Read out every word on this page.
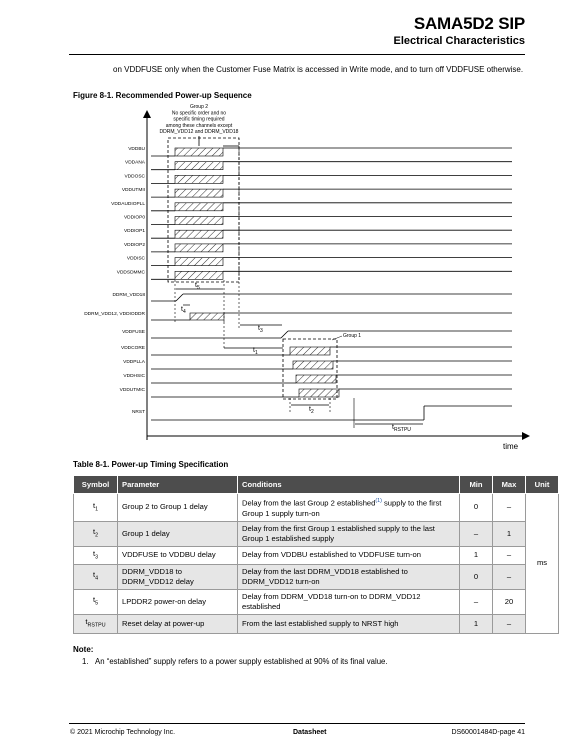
SAMA5D2 SIP
Electrical Characteristics
on VDDFUSE only when the Customer Fuse Matrix is accessed in Write mode, and to turn off VDDFUSE otherwise.
Figure 8-1. Recommended Power-up Sequence
time
Group 2
No specific order and no
specific timing required
among these channels except
DDRM_VDD12 and DDRM_VDD18
VDDBU
VDDANA
VDDOSC
VDDUTMII
VDDAUDIOPLL
VDDIOP0
VDDIOP1
VDDIOP2
VDDISC
VDDSDMMC
DDRM_VDD18
DDRM_VDD12, VDDIODDR
$t_5$
$t_4$
VDDFUSE
VDDCORE
VDDPLLA
VDDHSIC
VDDUTMIC
Group 1
$t_3$
$t_1$
$t_2$
NRST
$t_{RSTPU}$
Table 8-1. Power-up Timing Specification
Symbol	Parameter	Conditions	Min	Max	Unit
$t_1$	Group 2 to Group 1 delay	Delay from the last Group 2 established$^{(1)}$ supply to the first Group 1 supply turn-on	0	–	ms
$t_2$	Group 1 delay	Delay from the first Group 1 established supply to the last Group 1 established supply	–	1	
$t_3$	VDDFUSE to VDDBU delay	Delay from VDDBU established to VDDFUSE turn-on	1	–	
$t_4$	DDRM_VDD18 to DDRM_VDD12 delay	Delay from the last DDRM_VDD18 established to DDRM_VDD12 turn-on	0	–	
$t_5$	LPDDR2 power-on delay	Delay from DDRM_VDD18 turn-on to DDRM_VDD12 established	–	20	
$t_{RSTPU}$	Reset delay at power-up	From the last established supply to NRST high	1	–	
Note:
1. An “established” supply refers to a power supply established at 90% of its final value.
© 2021 Microchip Technology Inc.	Datasheet	DS60001484D-page 41
